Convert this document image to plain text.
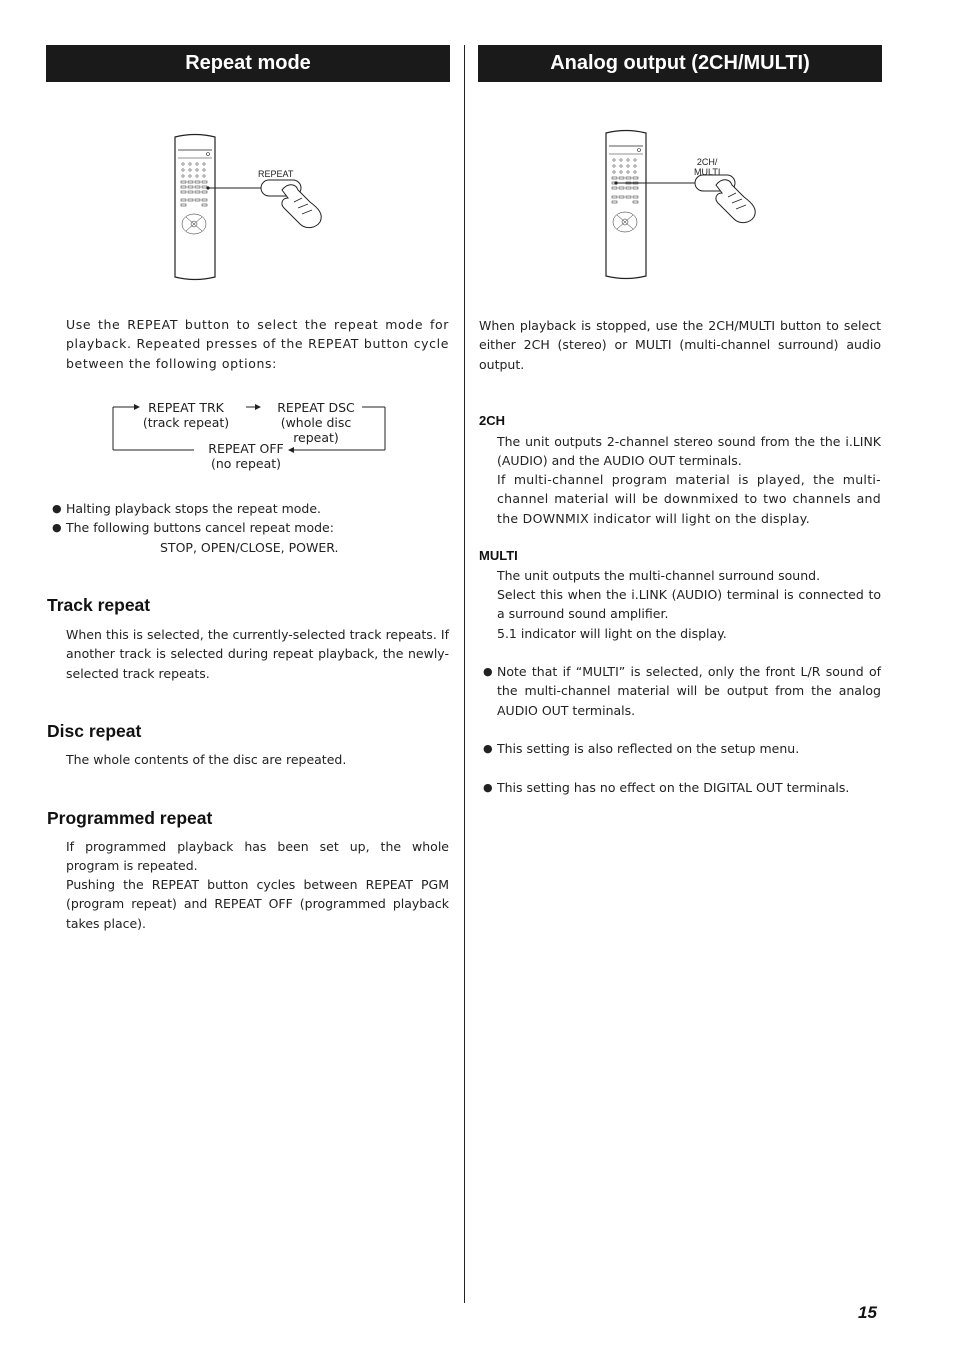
Repeat mode	Analog output (2CH/MULTI)
REPEAT
2CH/
MULTI
Use the REPEAT button to select the repeat mode for playback. Repeated presses of the REPEAT button cycle between the following options:
REPEAT TRK
(track repeat)
REPEAT DSC
(whole disc repeat)
REPEAT OFF
(no repeat)
● Halting playback stops the repeat mode.
● The following buttons cancel repeat mode:
STOP, OPEN/CLOSE, POWER.
Track repeat
When this is selected, the currently-selected track repeats. If another track is selected during repeat playback, the newly-selected track repeats.
Disc repeat
The whole contents of the disc are repeated.
Programmed repeat
If programmed playback has been set up, the whole program is repeated.
Pushing the REPEAT button cycles between REPEAT PGM (program repeat) and REPEAT OFF (programmed playback takes place).
When playback is stopped, use the 2CH/MULTI button to select either 2CH (stereo) or MULTI (multi-channel surround) audio output.
2CH
The unit outputs 2-channel stereo sound from the the i.LINK (AUDIO) and the AUDIO OUT terminals.
If multi-channel program material is played, the multi-channel material will be downmixed to two channels and the DOWNMIX indicator will light on the display.
MULTI
The unit outputs the multi-channel surround sound.
Select this when the i.LINK (AUDIO) terminal is connected to a surround sound amplifier.
5.1 indicator will light on the display.
● Note that if “MULTI” is selected, only the front L/R sound of the multi-channel material will be output from the analog AUDIO OUT terminals.
● This setting is also reflected on the setup menu.
● This setting has no effect on the DIGITAL OUT terminals.
15
